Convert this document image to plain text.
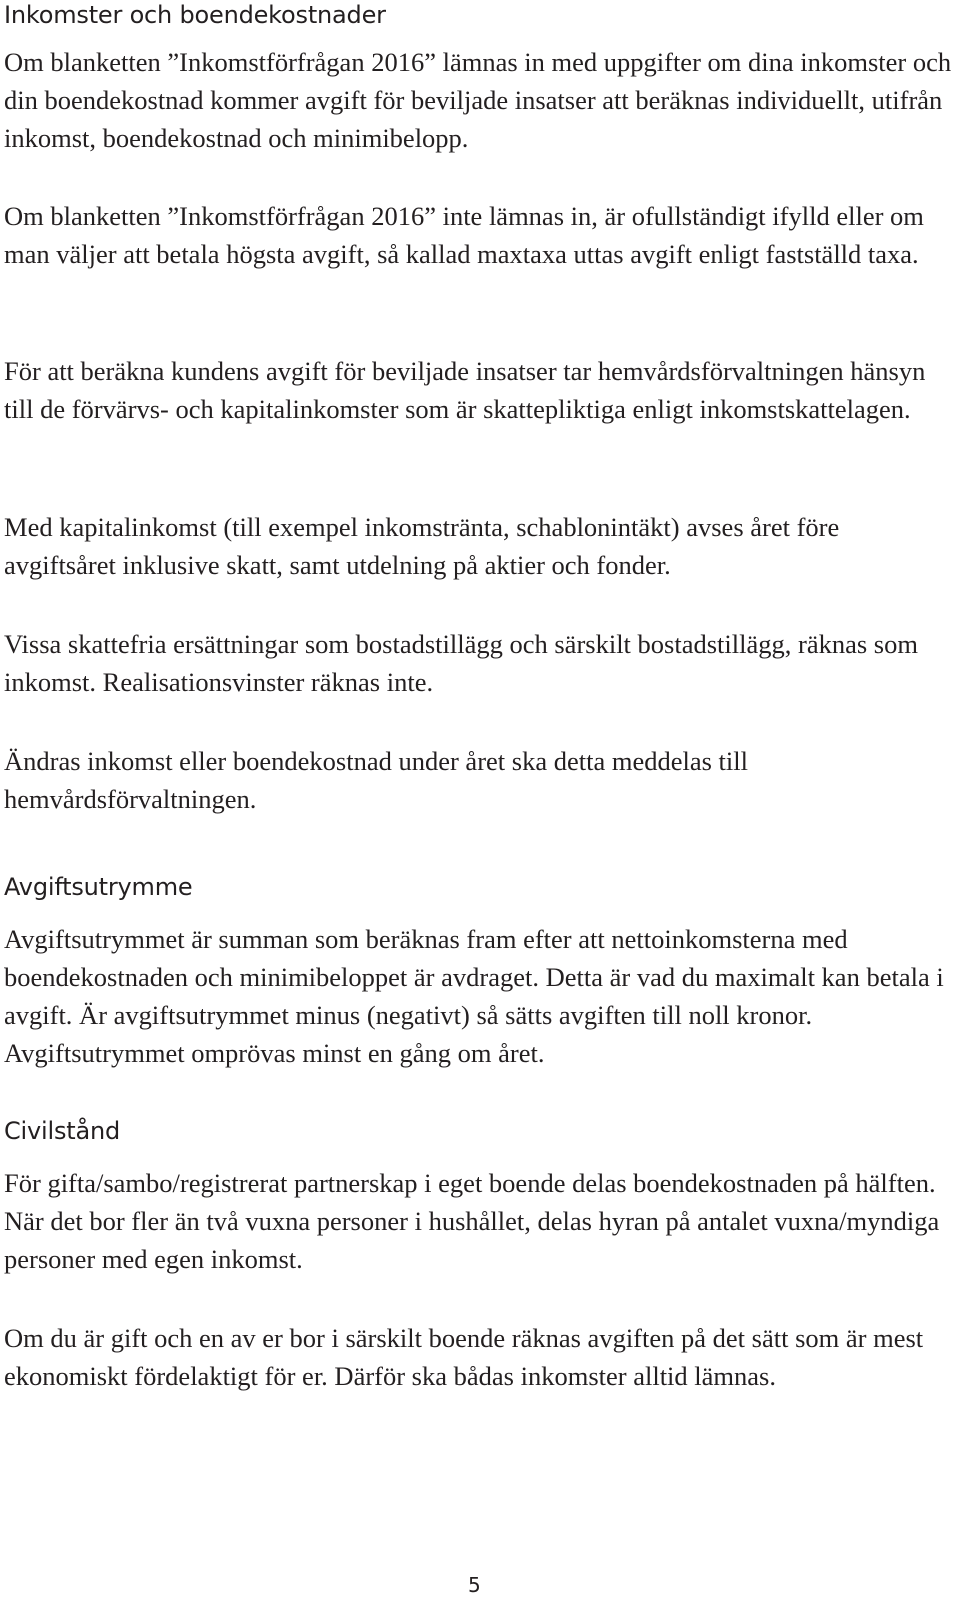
Inkomster och boendekostnader

Om blanketten ”Inkomstförfrågan 2016” lämnas in med uppgifter om dina inkomster och din boendekostnad kommer avgift för beviljade insatser att beräknas individuellt, utifrån inkomst, boendekostnad och minimibelopp.

Om blanketten ”Inkomstförfrågan 2016” inte lämnas in, är ofullständigt ifylld eller om man väljer att betala högsta avgift, så kallad maxtaxa uttas avgift enligt fastställd taxa.

För att beräkna kundens avgift för beviljade insatser tar hemvårdsförvaltningen hänsyn till de förvärvs- och kapitalinkomster som är skattepliktiga enligt inkomstskattelagen.

Med kapitalinkomst (till exempel inkomstränta, schablonintäkt) avses året före avgiftsåret inklusive skatt, samt utdelning på aktier och fonder.

Vissa skattefria ersättningar som bostadstillägg och särskilt bostadstillägg, räknas som inkomst. Realisationsvinster räknas inte.

Ändras inkomst eller boendekostnad under året ska detta meddelas till hemvårdsförvaltningen.

Avgiftsutrymme

Avgiftsutrymmet är summan som beräknas fram efter att nettoinkomsterna med boendekostnaden och minimibeloppet är avdraget. Detta är vad du maximalt kan betala i avgift. Är avgiftsutrymmet minus (negativt) så sätts avgiften till noll kronor. Avgiftsutrymmet omprövas minst en gång om året.

Civilstånd

För gifta/sambo/registrerat partnerskap i eget boende delas boendekostnaden på hälften. När det bor fler än två vuxna personer i hushållet, delas hyran på antalet vuxna/myndiga personer med egen inkomst.

Om du är gift och en av er bor i särskilt boende räknas avgiften på det sätt som är mest ekonomiskt fördelaktigt för er. Därför ska bådas inkomster alltid lämnas.

5
